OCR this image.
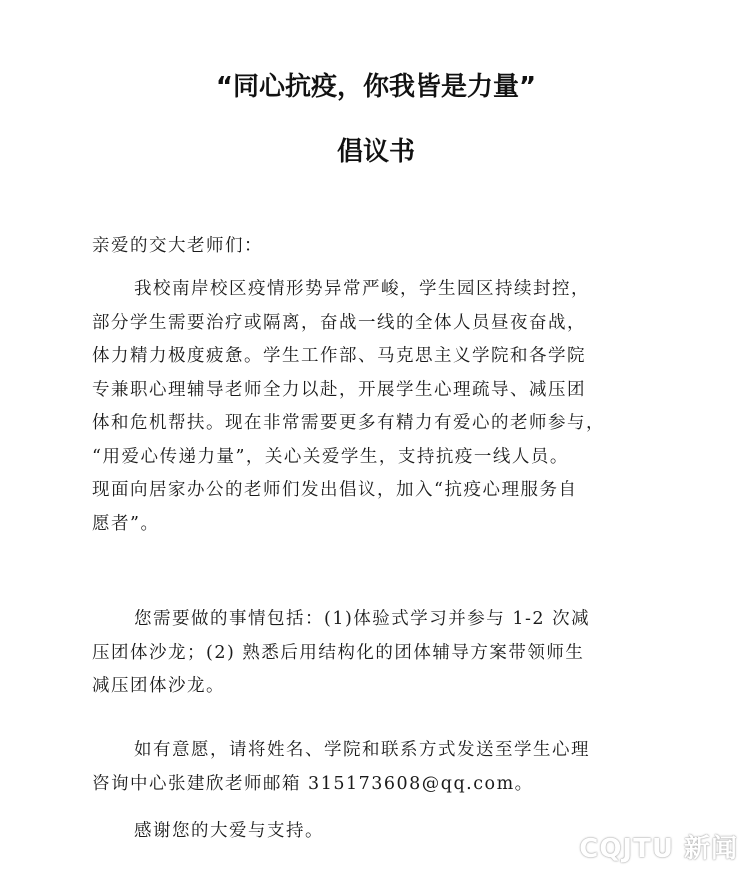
“同心抗疫，你我皆是力量”
倡议书
亲爱的交大老师们：
我校南岸校区疫情形势异常严峻，学生园区持续封控，
部分学生需要治疗或隔离，奋战一线的全体人员昼夜奋战，
体力精力极度疲惫。学生工作部、马克思主义学院和各学院
专兼职心理辅导老师全力以赴，开展学生心理疏导、减压团
体和危机帮扶。现在非常需要更多有精力有爱心的老师参与，
“用爱心传递力量”，关心关爱学生，支持抗疫一线人员。
现面向居家办公的老师们发出倡议，加入“抗疫心理服务自
愿者”。
您需要做的事情包括：(1)体验式学习并参与 1-2 次减
压团体沙龙；(2) 熟悉后用结构化的团体辅导方案带领师生
减压团体沙龙。
如有意愿，请将姓名、学院和联系方式发送至学生心理
咨询中心张建欣老师邮箱 315173608@qq.com。
感谢您的大爱与支持。
CQJTU 新闻
